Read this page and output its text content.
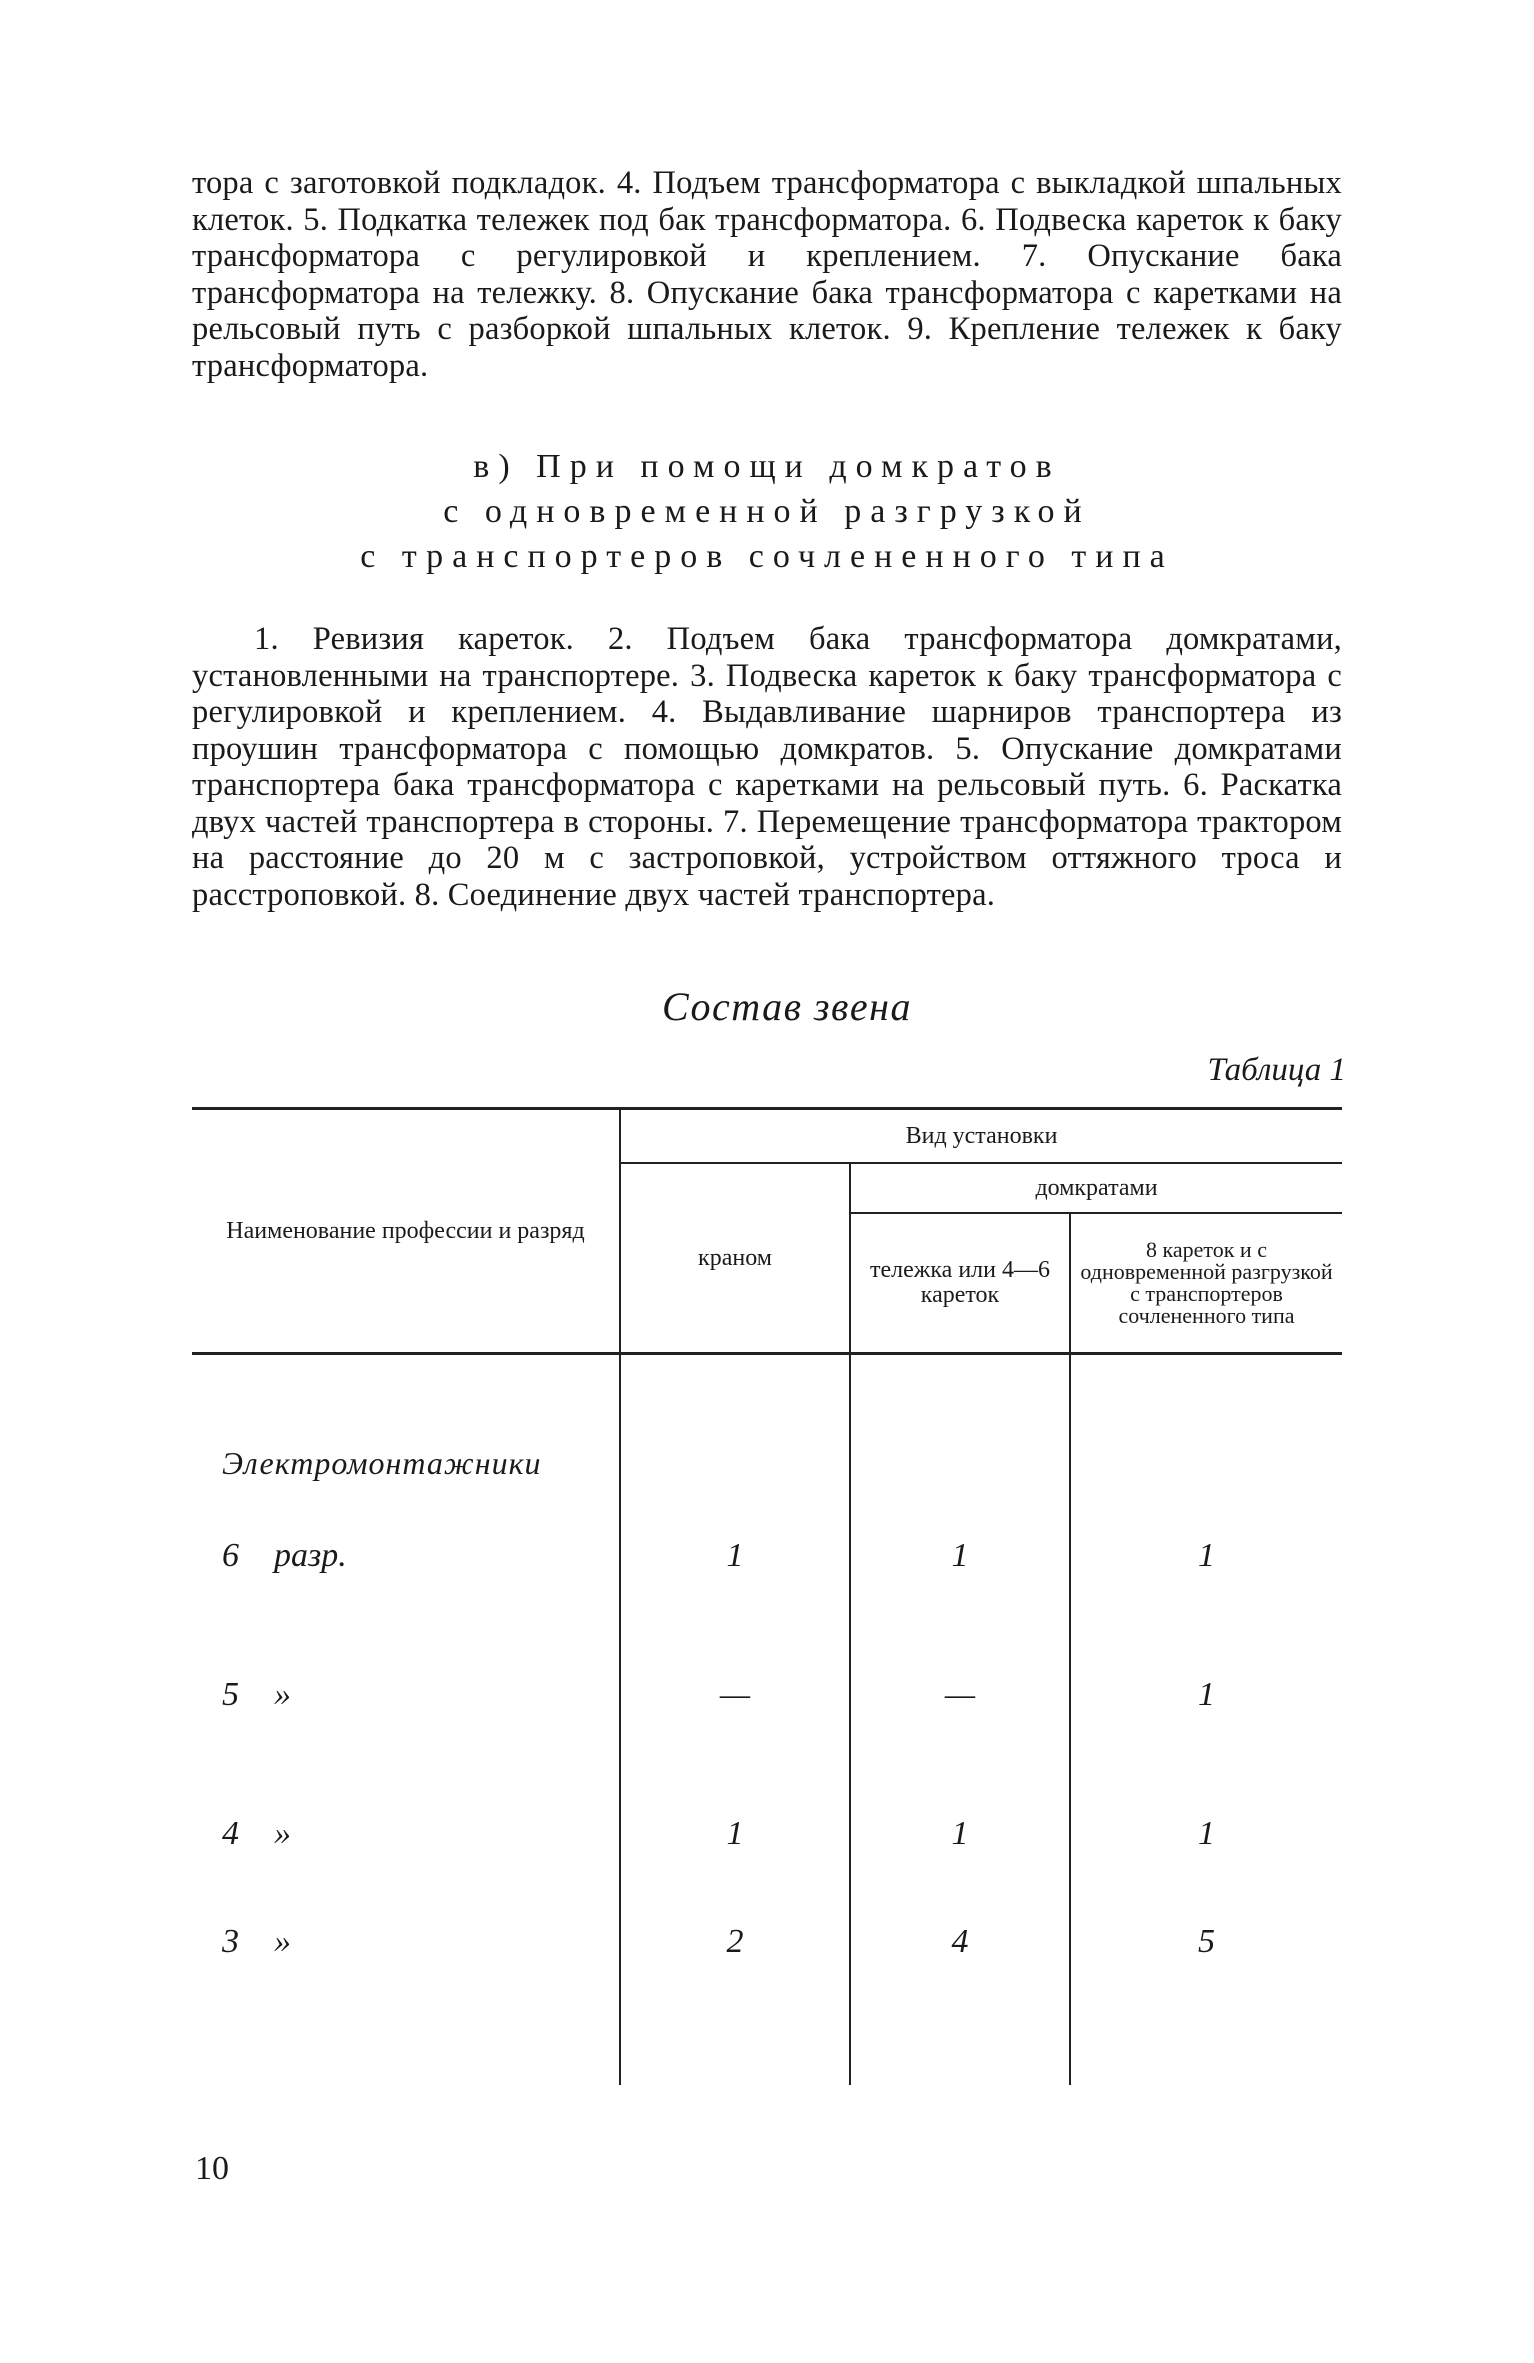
тора с заготовкой подкладок. 4. Подъем трансформатора с выкладкой шпальных клеток. 5. Подкатка тележек под бак трансформатора. 6. Подвеска кареток к баку трансформатора с регулировкой и креплением. 7. Опускание бака трансформатора на тележку. 8. Опускание бака трансформатора с каретками на рельсовый путь с разборкой шпальных клеток. 9. Крепление тележек к баку трансформатора.

в) При помощи домкратов
с одновременной разгрузкой
с транспортеров сочлененного типа

1. Ревизия кареток. 2. Подъем бака трансформатора домкратами, установленными на транспортере. 3. Подвеска кареток к баку трансформатора с регулировкой и креплением. 4. Выдавливание шарниров транспортера из проушин трансформатора с помощью домкратов. 5. Опускание домкратами транспортера бака трансформатора с каретками на рельсовый путь. 6. Раскатка двух частей транспортера в стороны. 7. Перемещение трансформатора трактором на расстояние до 20 м с застроповкой, устройством оттяжного троса и расстроповкой. 8. Соединение двух частей транспортера.

Состав звена
Таблица 1
Наименование профессии и разряд	Вид установки		
	краном	домкратами	
		тележка или 4—6 кареток	8 кареток и с одновременной разгрузкой с транспортеров сочлененного типа
Электромонтажники			
6 разр.	1	1	1
5 »	—	—	1
4 »	1	1	1
3 »	2	4	5
10
